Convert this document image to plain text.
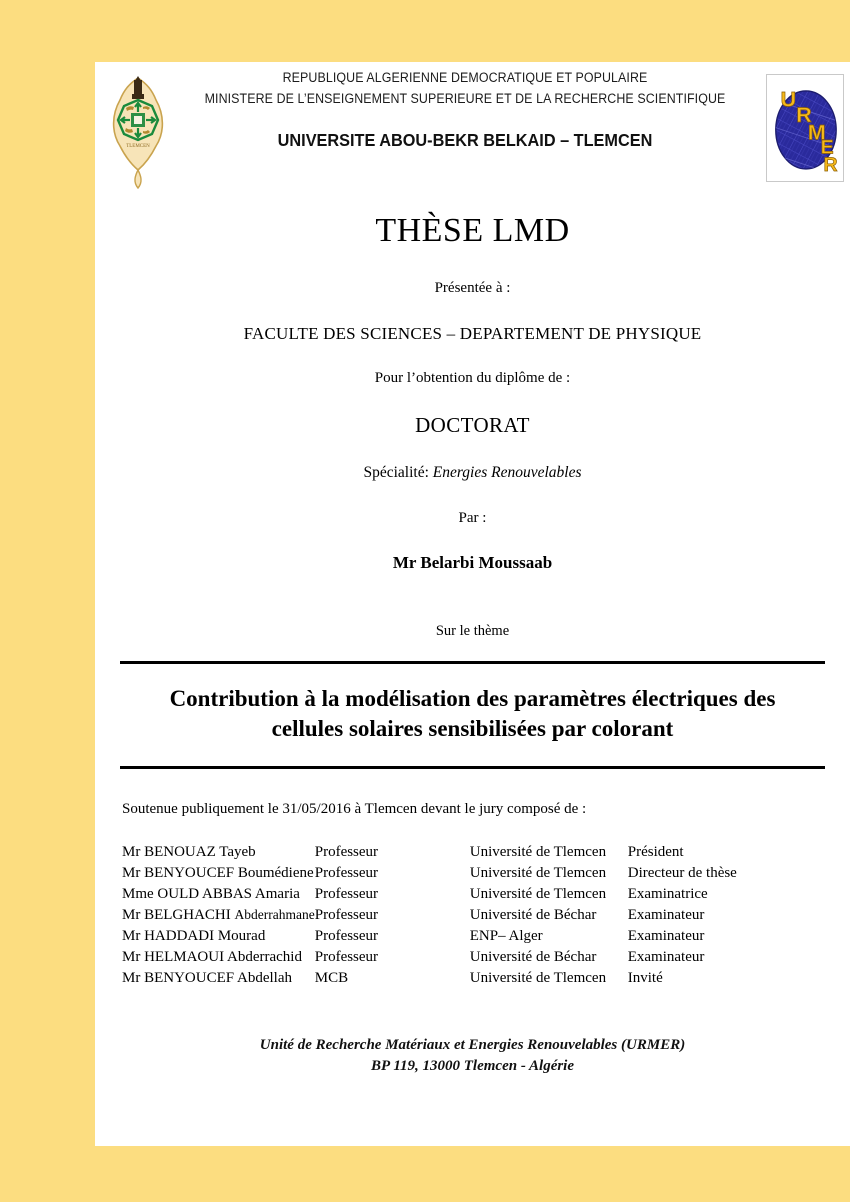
TLEMCEN
REPUBLIQUE ALGERIENNE DEMOCRATIQUE ET POPULAIRE
MINISTERE DE L’ENSEIGNEMENT SUPERIEURE ET DE LA RECHERCHE SCIENTIFIQUE
UNIVERSITE ABOU-BEKR BELKAID – TLEMCEN
U
R
M
E
R
THÈSE LMD
Présentée à :
FACULTE DES SCIENCES – DEPARTEMENT DE PHYSIQUE
Pour l’obtention du diplôme de :
DOCTORAT
Spécialité: Energies Renouvelables
Par :
Mr Belarbi Moussaab
Sur le thème
Contribution à la modélisation des paramètres électriques des cellules solaires sensibilisées par colorant
Soutenue publiquement le 31/05/2016 à Tlemcen devant le jury composé de :
Mr BENOUAZ Tayeb	Professeur	Université de Tlemcen	Président
Mr BENYOUCEF Boumédiene	Professeur	Université de Tlemcen	Directeur de thèse
Mme OULD ABBAS Amaria	Professeur	Université de Tlemcen	Examinatrice
Mr BELGHACHI Abderrahmane	Professeur	Université de Béchar	Examinateur
Mr HADDADI Mourad	Professeur	ENP– Alger	Examinateur
Mr HELMAOUI Abderrachid	Professeur	Université de Béchar	Examinateur
Mr BENYOUCEF Abdellah	MCB	Université de Tlemcen	Invité
Unité de Recherche Matériaux et Energies Renouvelables (URMER)
BP 119, 13000 Tlemcen - Algérie
